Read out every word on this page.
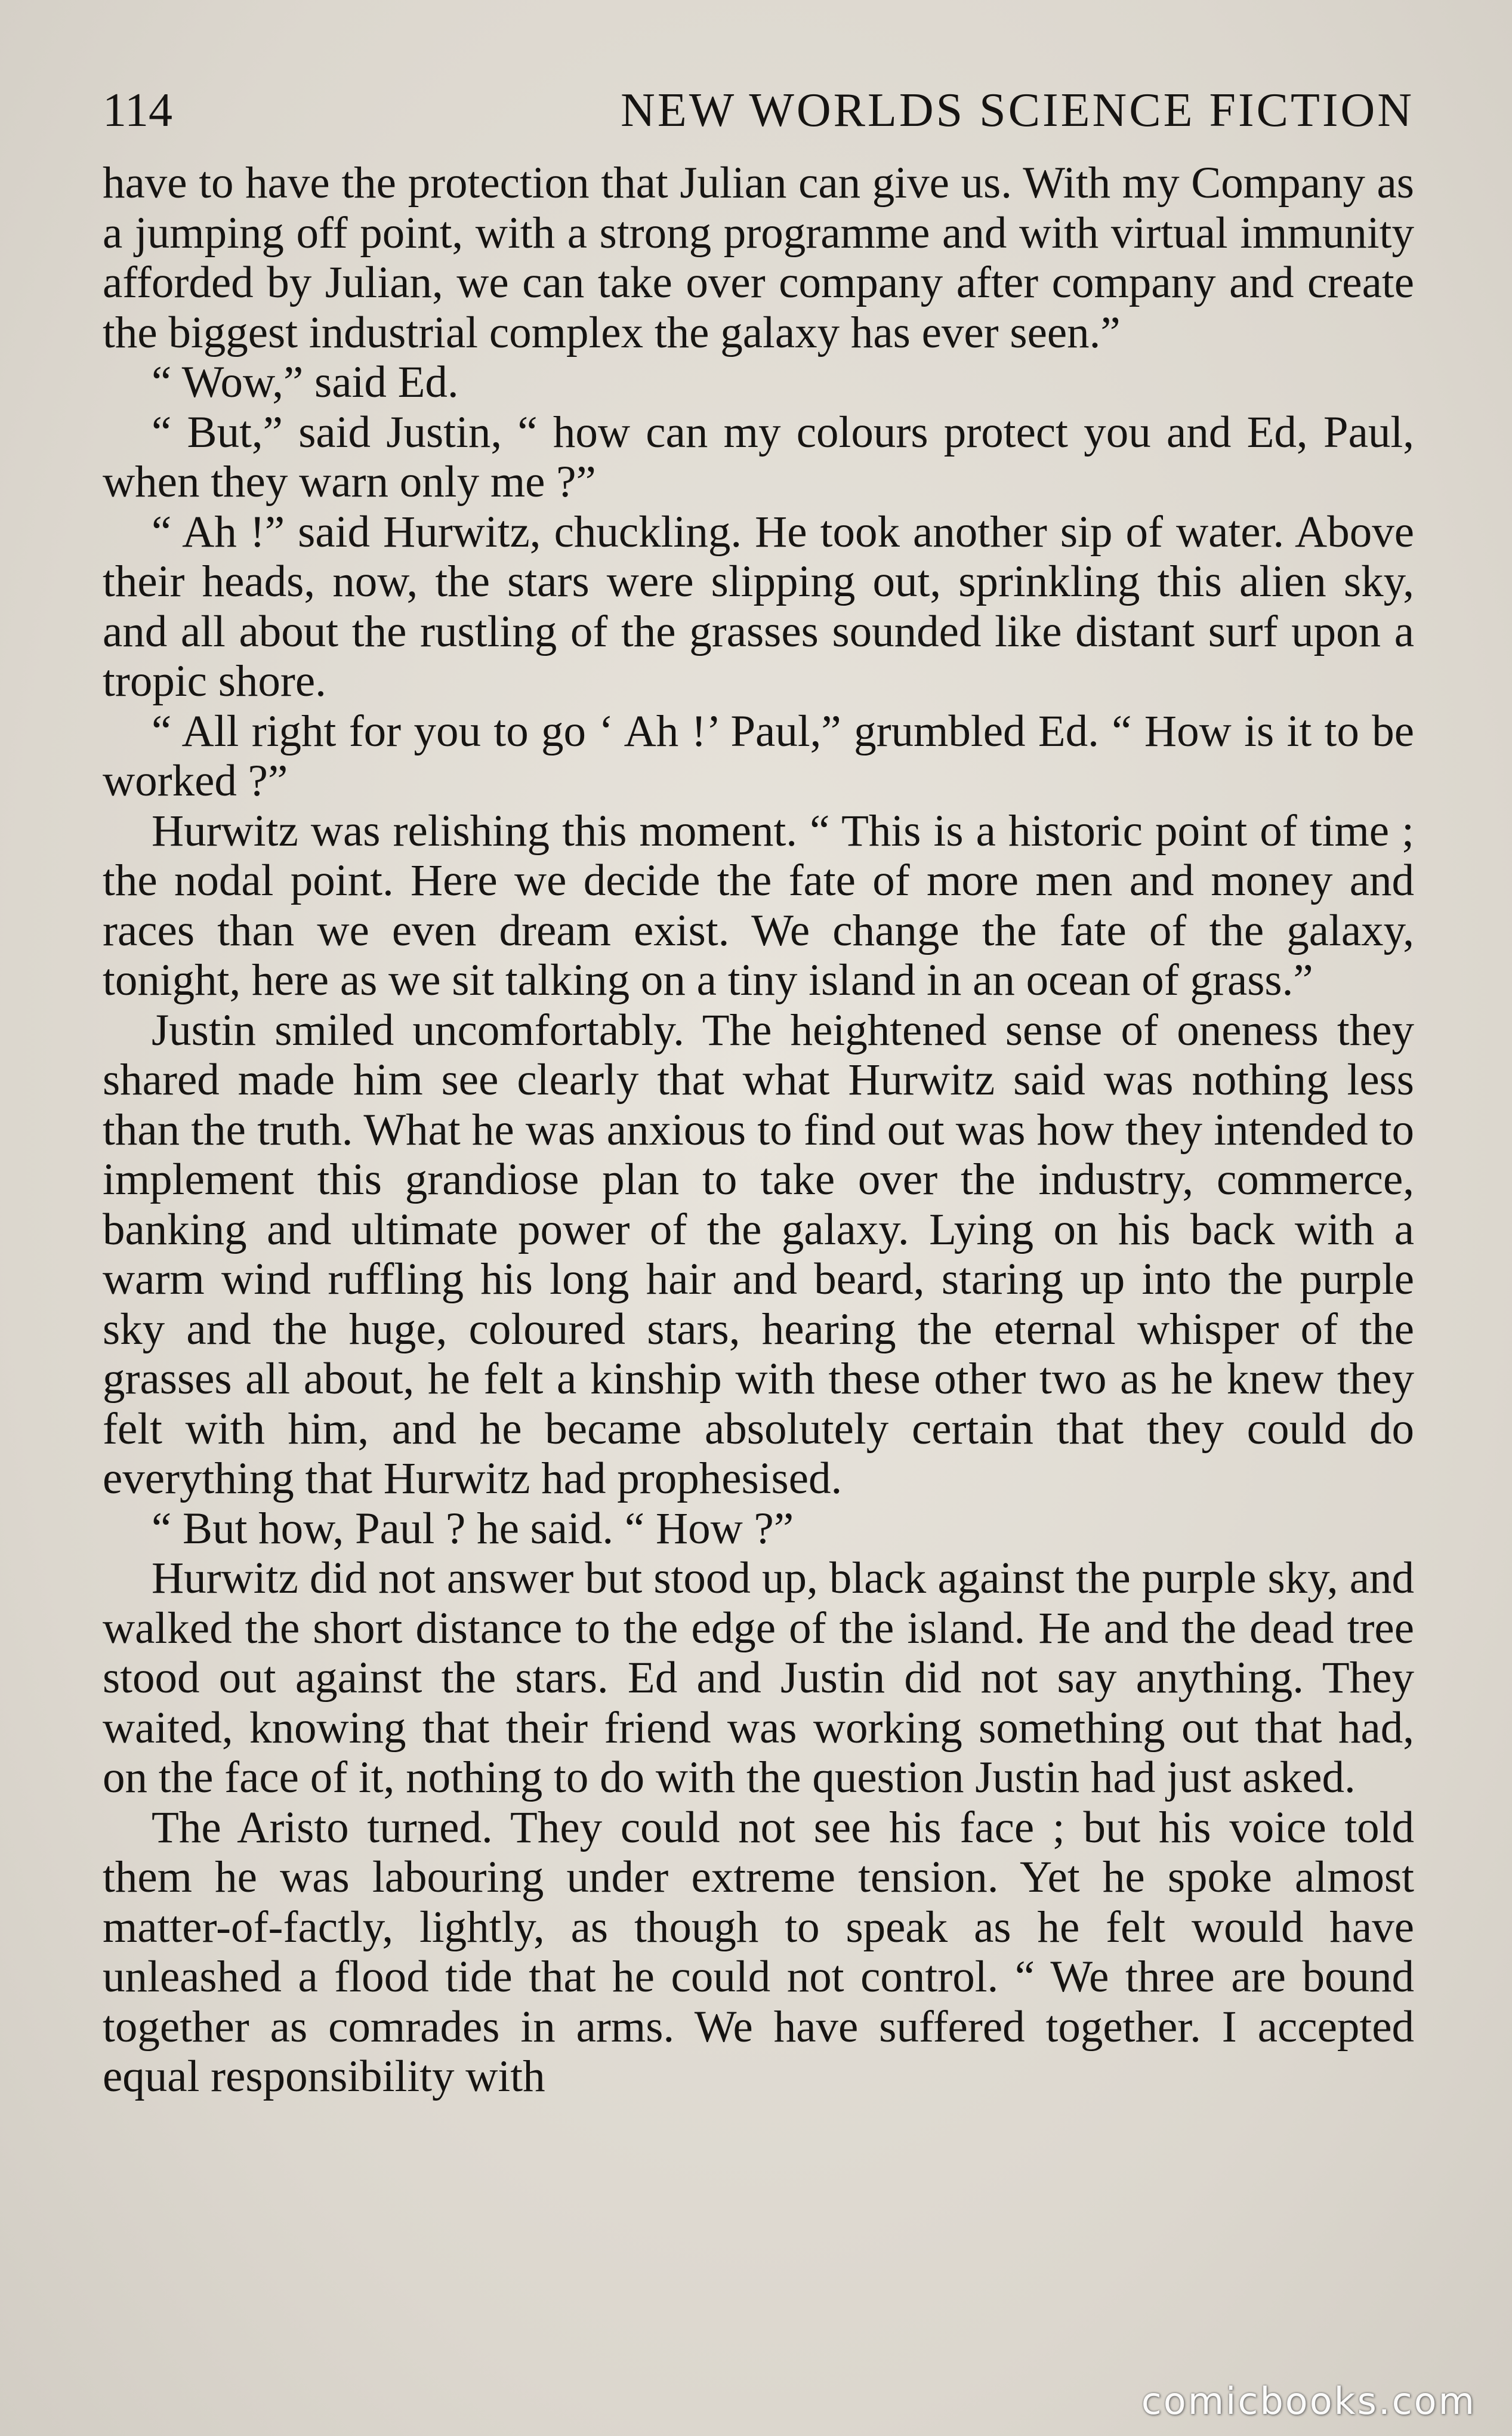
114	NEW WORLDS SCIENCE FICTION

have to have the protection that Julian can give us. With my Company as a jumping off point, with a strong programme and with virtual immunity afforded by Julian, we can take over company after company and create the biggest industrial complex the galaxy has ever seen.”

“ Wow,” said Ed.

“ But,” said Justin, “ how can my colours protect you and Ed, Paul, when they warn only me ?”

“ Ah !” said Hurwitz, chuckling. He took another sip of water. Above their heads, now, the stars were slipping out, sprinkling this alien sky, and all about the rustling of the grasses sounded like distant surf upon a tropic shore.

“ All right for you to go ‘ Ah !’ Paul,” grumbled Ed. “ How is it to be worked ?”

Hurwitz was relishing this moment. “ This is a historic point of time ; the nodal point. Here we decide the fate of more men and money and races than we even dream exist. We change the fate of the galaxy, tonight, here as we sit talking on a tiny island in an ocean of grass.”

Justin smiled uncomfortably. The heightened sense of oneness they shared made him see clearly that what Hurwitz said was nothing less than the truth. What he was anxious to find out was how they intended to implement this grandiose plan to take over the industry, commerce, banking and ultimate power of the galaxy. Lying on his back with a warm wind ruffling his long hair and beard, staring up into the purple sky and the huge, coloured stars, hearing the eternal whisper of the grasses all about, he felt a kinship with these other two as he knew they felt with him, and he became absolutely certain that they could do everything that Hurwitz had prophesised.

“ But how, Paul ? he said. “ How ?”

Hurwitz did not answer but stood up, black against the purple sky, and walked the short distance to the edge of the island. He and the dead tree stood out against the stars. Ed and Justin did not say anything. They waited, knowing that their friend was working something out that had, on the face of it, nothing to do with the question Justin had just asked.

The Aristo turned. They could not see his face ; but his voice told them he was labouring under extreme tension. Yet he spoke almost matter-of-factly, lightly, as though to speak as he felt would have unleashed a flood tide that he could not control. “ We three are bound together as comrades in arms. We have suffered together. I accepted equal responsibility with

comicbooks.com
